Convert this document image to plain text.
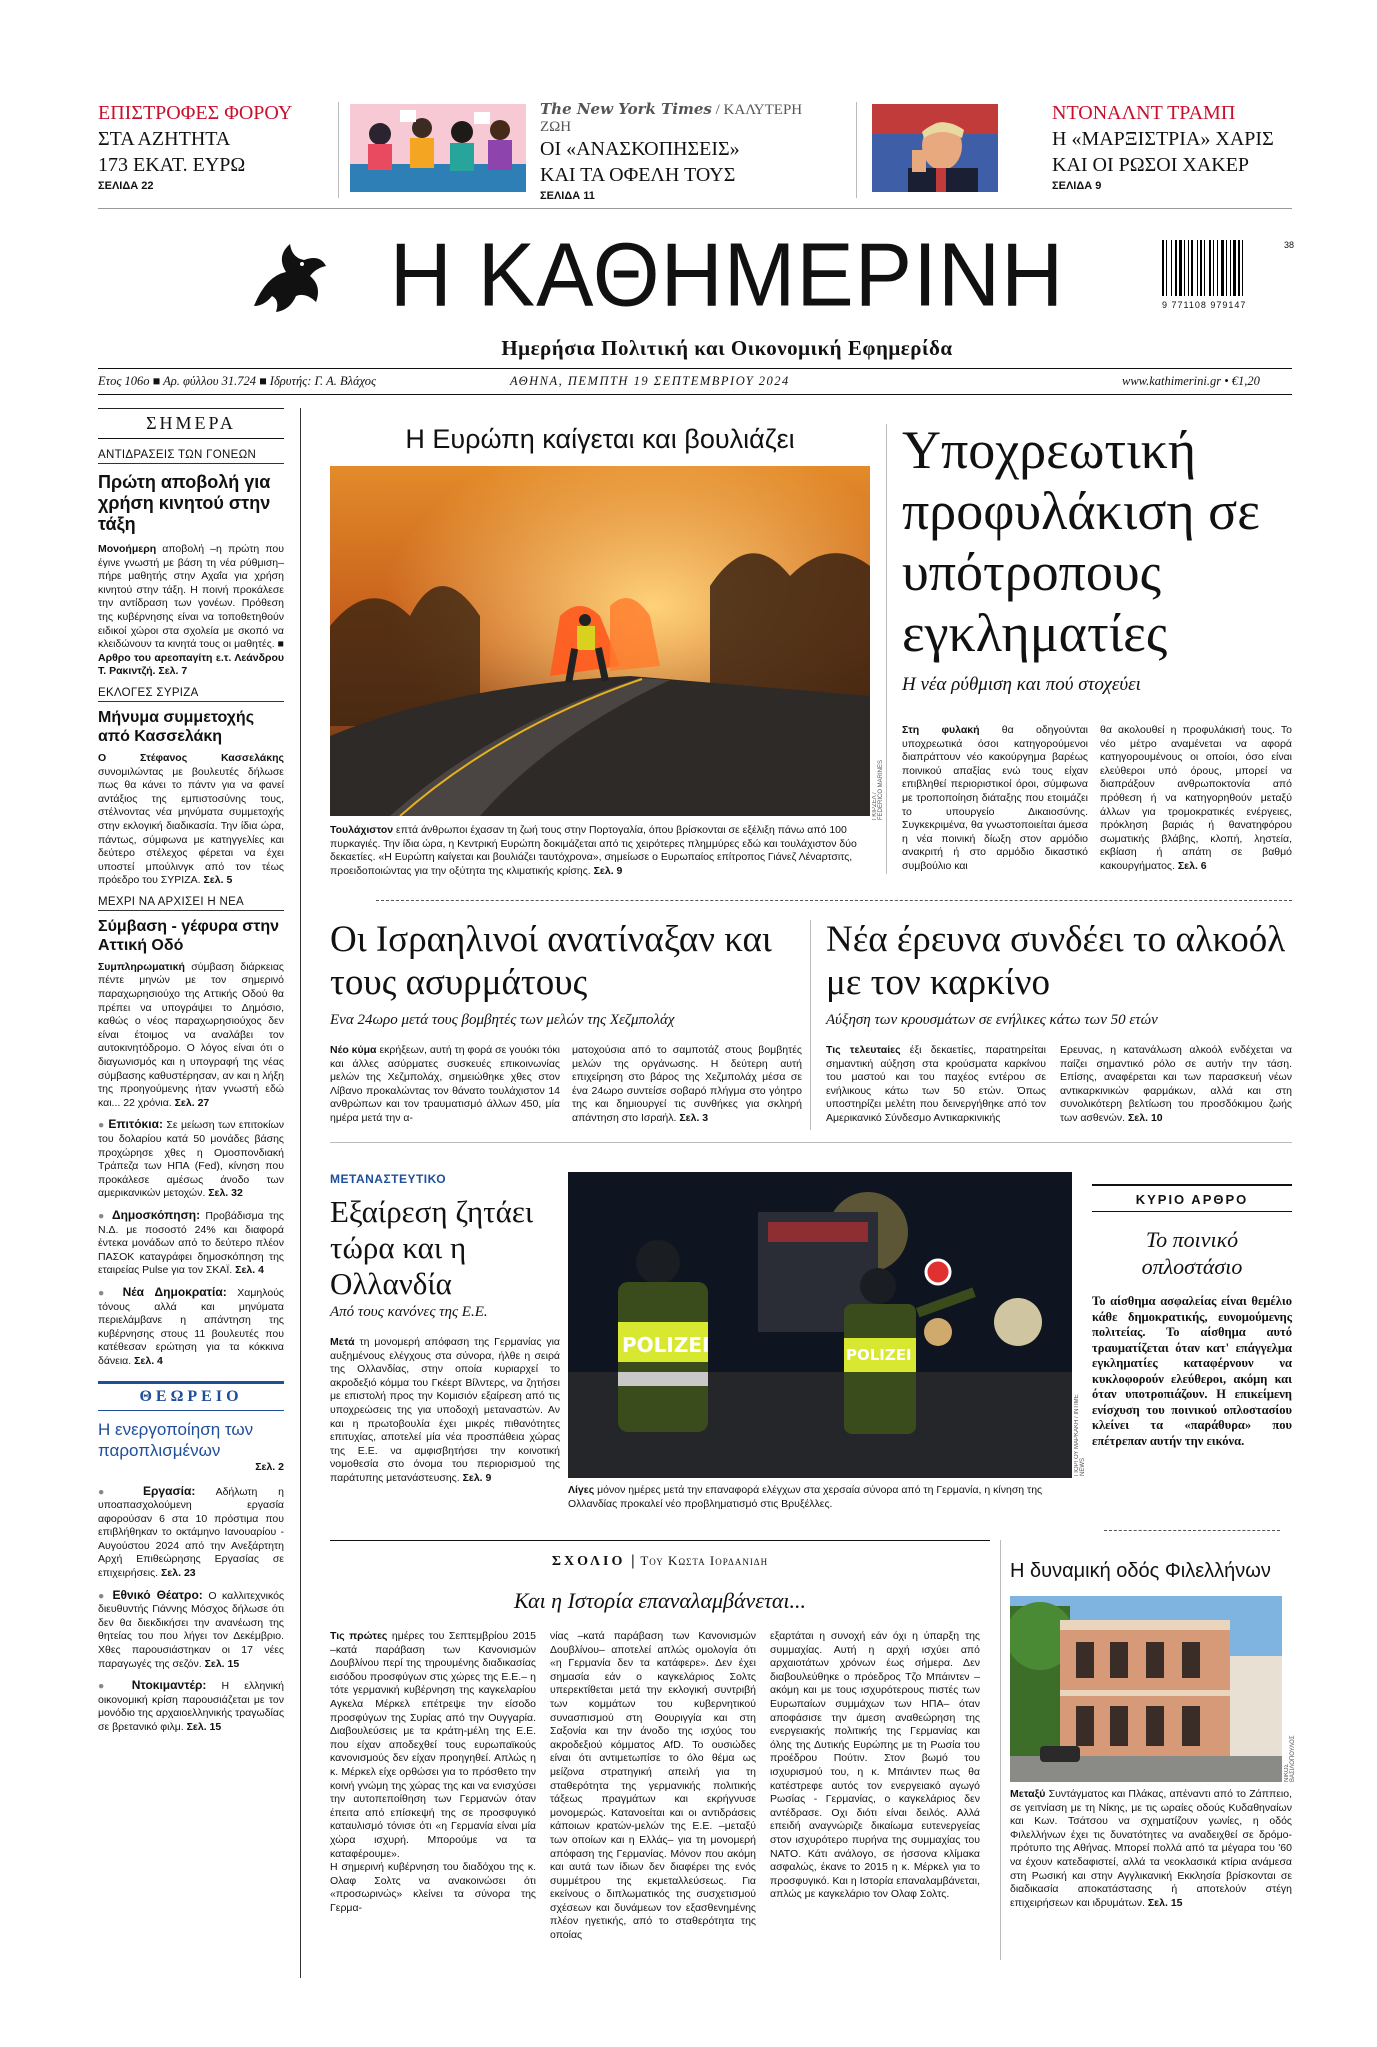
ΕΠΙΣΤΡΟΦΕΣ ΦΟΡΟΥ
ΣΤΑ ΑΖΗΤΗΤΑ
173 ΕΚΑΤ. ΕΥΡΩ
ΣΕΛΙΔΑ 22
The New York Times / ΚΑΛΥΤΕΡΗ ΖΩΗ
ΟΙ «ΑΝΑΣΚΟΠΗΣΕΙΣ»
ΚΑΙ ΤΑ ΟΦΕΛΗ ΤΟΥΣ
ΣΕΛΙΔΑ 11
ΝΤΟΝΑΛΝΤ ΤΡΑΜΠ
Η «ΜΑΡΞΙΣΤΡΙΑ» ΧΑΡΙΣ
ΚΑΙ ΟΙ ΡΩΣΟΙ ΧΑΚΕΡ
ΣΕΛΙΔΑ 9
Η ΚΑΘΗΜΕΡΙΝΗ	38
9 771108 979147
Ημερήσια Πολιτική και Οικονομική Εφημερίδα
Ετος 106ο ■ Αρ. φύλλου 31.724 ■ Ιδρυτής: Γ. Α. Βλάχος	ΑΘΗΝΑ, ΠΕΜΠΤΗ 19 ΣΕΠΤΕΜΒΡΙΟΥ 2024	www.kathimerini.gr • €1,20
ΣΗΜΕΡΑ
ΑΝΤΙΔΡΑΣΕΙΣ ΤΩΝ ΓΟΝΕΩΝ
Πρώτη αποβολή για χρήση κινητού στην τάξη
Μονοήμερη αποβολή –η πρώτη που έγινε γνωστή με βάση τη νέα ρύθμιση– πήρε μαθητής στην Αχαΐα για χρήση κινητού στην τάξη. Η ποινή προκάλεσε την αντίδραση των γονέων. Πρόθεση της κυβέρνησης είναι να τοποθετηθούν ειδικοί χώροι στα σχολεία με σκοπό να κλειδώνουν τα κινητά τους οι μαθητές. ■ Αρθρο του αρεοπαγίτη ε.τ. Λεάνδρου Τ. Ρακιντζή. Σελ. 7
ΕΚΛΟΓΕΣ ΣΥΡΙΖΑ
Μήνυμα συμμετοχής από Κασσελάκη
Ο Στέφανος Κασσελάκης συνομιλώντας με βουλευτές δήλωσε πως θα κάνει το πάντν για να φανεί αντάξιος της εμπιστοσύνης τους, στέλνοντας νέα μηνύματα συμμετοχής στην εκλογική διαδικασία. Την ίδια ώρα, πάντως, σύμφωνα με κατηγγελίες και δεύτερο στέλεχος φέρεται να έχει υποστεί μπούλινγκ από τον τέως πρόεδρο του ΣΥΡΙΖΑ. Σελ. 5
ΜΕΧΡΙ ΝΑ ΑΡΧΙΣΕΙ Η ΝΕΑ
Σύμβαση - γέφυρα στην Αττική Οδό
Συμπληρωματική σύμβαση διάρκειας πέντε μηνών με τον σημερινό παραχωρησιούχο της Αττικής Οδού θα πρέπει να υπογράψει το Δημόσιο, καθώς ο νέος παραχωρησιούχος δεν είναι έτοιμος να αναλάβει τον αυτοκινητόδρομο. Ο λόγος είναι ότι ο διαγωνισμός και η υπογραφή της νέας σύμβασης καθυστέρησαν, αν και η λήξη της προηγούμενης ήταν γνωστή εδώ και... 22 χρόνια. Σελ. 27
● Επιτόκια: Σε μείωση των επιτοκίων του δολαρίου κατά 50 μονάδες βάσης προχώρησε χθες η Ομοσπονδιακή Τράπεζα των ΗΠΑ (Fed), κίνηση που προκάλεσε αμέσως άνοδο των αμερικανικών μετοχών. Σελ. 32
● Δημοσκόπηση: Προβάδισμα της Ν.Δ. με ποσοστό 24% και διαφορά έντεκα μονάδων από το δεύτερο πλέον ΠΑΣΟΚ καταγράφει δημοσκόπηση της εταιρείας Pulse για τον ΣΚΑΪ. Σελ. 4
● Νέα Δημοκρατία: Χαμηλούς τόνους αλλά και μηνύματα περιελάμβανε η απάντηση της κυβέρνησης στους 11 βουλευτές που κατέθεσαν ερώτηση για τα κόκκινα δάνεια. Σελ. 4
ΘΕΩΡΕΙΟ
Η ενεργοποίηση των παροπλισμένων
Σελ. 2
● Εργασία: Αδήλωτη η υποαπασχολούμενη εργασία αφορούσαν 6 στα 10 πρόστιμα που επιβλήθηκαν το οκτάμηνο Ιανουαρίου - Αυγούστου 2024 από την Ανεξάρτητη Αρχή Επιθεώρησης Εργασίας σε επιχειρήσεις. Σελ. 23
● Εθνικό Θέατρο: Ο καλλιτεχνικός διευθυντής Γιάννης Μόσχος δήλωσε ότι δεν θα διεκδικήσει την ανανέωση της θητείας του που λήγει τον Δεκέμβριο. Χθες παρουσιάστηκαν οι 17 νέες παραγωγές της σεζόν. Σελ. 15
● Ντοκιμαντέρ: Η ελληνική οικονομική κρίση παρουσιάζεται με τον μονόδιο της αρχαιοελληνικής τραγωδίας σε βρετανικό φιλμ. Σελ. 15
Η Ευρώπη καίγεται και βουλιάζει
ΓΚΙΡΖΕΛ / FEDERICO MARINES
Τουλάχιστον επτά άνθρωποι έχασαν τη ζωή τους στην Πορτογαλία, όπου βρίσκονται σε εξέλιξη πάνω από 100 πυρκαγιές. Την ίδια ώρα, η Κεντρική Ευρώπη δοκιμάζεται από τις χειρότερες πλημμύρες εδώ και τουλάχιστον δύο δεκαετίες. «Η Ευρώπη καίγεται και βουλιάζει ταυτόχρονα», σημείωσε ο Ευρωπαίος επίτροπος Γιάνεζ Λέναρτσιτς, προειδοποιώντας για την οξύτητα της κλιματικής κρίσης. Σελ. 9
Υποχρεωτική προφυλάκιση σε υπότροπους εγκληματίες
Η νέα ρύθμιση και πού στοχεύει
Στη φυλακή θα οδηγούνται υποχρεωτικά όσοι κατηγορούμενοι διαπράττουν νέο κακούργημα βαρέως ποινικού απαξίας ενώ τους είχαν επιβληθεί περιοριστικοί όροι, σύμφωνα με τροποποίηση διάταξης που ετοιμάζει το υπουργείο Δικαιοσύνης. Συγκεκριμένα, θα γνωστοποιείται άμεσα η νέα ποινική δίωξη στον αρμόδιο ανακριτή ή στο αρμόδιο δικαστικό συμβούλιο και
θα ακολουθεί η προφυλάκισή τους. Το νέο μέτρο αναμένεται να αφορά κατηγορουμένους οι οποίοι, όσο είναι ελεύθεροι υπό όρους, μπορεί να διαπράξουν ανθρωποκτονία από πρόθεση ή να κατηγορηθούν μεταξύ άλλων για τρομοκρατικές ενέργειες, πρόκληση βαριάς ή θανατηφόρου σωματικής βλάβης, κλοπή, ληστεία, εκβίαση ή απάτη σε βαθμό κακουργήματος. Σελ. 6
Οι Ισραηλινοί ανατίναξαν και τους ασυρμάτους
Ενα 24ωρο μετά τους βομβητές των μελών της Χεζμπολάχ
Νέο κύμα εκρήξεων, αυτή τη φορά σε γουόκι τόκι και άλλες ασύρματες συσκευές επικοινωνίας μελών της Χεζμπολάχ, σημειώθηκε χθες στον Λίβανο προκαλώντας τον θάνατο τουλάχιστον 14 ανθρώπων και τον τραυματισμό άλλων 450, μία ημέρα μετά την α-
ματοχούσια από το σαμποτάζ στους βομβητές μελών της οργάνωσης. Η δεύτερη αυτή επιχείρηση στο βάρος της Χεζμπολάχ μέσα σε ένα 24ωρο συντείσε σοβαρό πλήγμα στο γόητρο της και δημιουργεί τις συνθήκες για σκληρή απάντηση στο Ισραήλ. Σελ. 3
Νέα έρευνα συνδέει το αλκοόλ με τον καρκίνο
Αύξηση των κρουσμάτων σε ενήλικες κάτω των 50 ετών
Τις τελευταίες έξι δεκαετίες, παρατηρείται σημαντική αύξηση στα κρούσματα καρκίνου του μαστού και του παχέος εντέρου σε ενήλικους κάτω των 50 ετών. Όπως υποστηρίζει μελέτη που δεινεργήθηκε από τον Αμερικανικό Σύνδεσμο Αντικαρκινικής
Ερευνας, η κατανάλωση αλκοόλ ενδέχεται να παίζει σημαντικό ρόλο σε αυτήν την τάση. Επίσης, αναφέρεται και των παρασκευή νέων αντικαρκινικών φαρμάκων, αλλά και στη συνολικότερη βελτίωση του προσδόκιμου ζωής των ασθενών. Σελ. 10
ΜΕΤΑΝΑΣΤΕΥΤΙΚΟ
Εξαίρεση ζητάει τώρα και η Ολλανδία
Από τους κανόνες της Ε.Ε.
Μετά τη μονομερή απόφαση της Γερμανίας για αυξημένους ελέγχους στα σύνορα, ήλθε η σειρά της Ολλανδίας, στην οποία κυριαρχεί το ακροδεξιό κόμμα του Γκέερτ Βίλντερς, να ζητήσει με επιστολή προς την Κομισιόν εξαίρεση από τις υποχρεώσεις της για υποδοχή μεταναστών. Αν και η πρωτοβουλία έχει μικρές πιθανότητες επιτυχίας, αποτελεί μία νέα προσπάθεια χώρας της Ε.Ε. να αμφισβητήσει την κοινοτική νομοθεσία στο όνομα του περιορισμού της παράτυπης μετανάστευσης. Σελ. 9
POLIZEI	POLIZEI
ΓΙΟΡΓΟΥ ΜΑΡΚΑΚΗ / INTIME NEWS
Λίγες μόνον ημέρες μετά την επαναφορά ελέγχων στα χερσαία σύνορα από τη Γερμανία, η κίνηση της Ολλανδίας προκαλεί νέο προβληματισμό στις Βρυξέλλες.
ΚΥΡΙΟ ΑΡΘΡΟ
Το ποινικό οπλοστάσιο
Το αίσθημα ασφαλείας είναι θεμέλιο κάθε δημοκρατικής, ευνομούμενης πολιτείας. Το αίσθημα αυτό τραυματίζεται όταν κατ' επάγγελμα εγκληματίες καταφέρνουν να κυκλοφορούν ελεύθεροι, ακόμη και όταν υποτροπιάζουν. Η επικείμενη ενίσχυση του ποινικού οπλοστασίου κλείνει τα «παράθυρα» που επέτρεπαν αυτήν την εικόνα.
ΣΧΟΛΙΟ | Του Κωστα Ιορδανιδη
Και η Ιστορία επαναλαμβάνεται...
Τις πρώτες ημέρες του Σεπτεμβρίου 2015 –κατά παράβαση των Κανονισμών Δουβλίνου περί της τηρουμένης διαδικασίας εισόδου προσφύγων στις χώρες της Ε.Ε.– η τότε γερμανική κυβέρνηση της καγκελαρίου Αγκελα Μέρκελ επέτρεψε την είσοδο προσφύγων της Συρίας από την Ουγγαρία. Διαβουλεύσεις με τα κράτη-μέλη της Ε.Ε. που είχαν αποδεχθεί τους ευρωπαϊκούς κανονισμούς δεν είχαν προηγηθεί. Απλώς η κ. Μέρκελ είχε ορθώσει για το πρόσθετο την κοινή γνώμη της χώρας της και να ενισχύσει την αυτοπεποίθηση των Γερμανών όταν έπειτα από επίσκεψή της σε προσφυγικό καταυλισμό τόνισε ότι «η Γερμανία είναι μία χώρα ισχυρή. Μπορούμε να τα καταφέρουμε».
Η σημερινή κυβέρνηση του διαδόχου της κ. Ολαφ Σολτς να ανακοινώσει ότι «προσωρινώς» κλείνει τα σύνορα της Γερμα-
νίας –κατά παράβαση των Κανονισμών Δουβλίνου– αποτελεί απλώς ομολογία ότι «η Γερμανία δεν τα κατάφερε». Δεν έχει σημασία εάν ο καγκελάριος Σολτς υπερεκτίθεται μετά την εκλογική συντριβή των κομμάτων του κυβερνητικού συνασπισμού στη Θουριγγία και στη Σαξονία και την άνοδο της ισχύος του ακροδεξιού κόμματος AfD. Το ουσιώδες είναι ότι αντιμετωπίσε το όλο θέμα ως μείζονα στρατηγική απειλή για τη σταθερότητα της γερμανικής πολιτικής τάξεως πραγμάτων και εκρήγνυσε μονομερώς. Κατανοείται και οι αντιδράσεις κάποιων κρατών-μελών της Ε.Ε. –μεταξύ των οποίων και η Ελλάς– για τη μονομερή απόφαση της Γερμανίας. Μόνον που ακόμη και αυτά των ίδιων δεν διαφέρει της ενός συμμέτρου της εκμεταλλεύσεως. Για εκείνους ο διπλωματικός της συσχετισμού σχέσεων και δυνάμεων τον εξασθενημένης πλέον ηγετικής, από το σταθερότητα της οποίας
εξαρτάται η συνοχή εάν όχι η ύπαρξη της συμμαχίας. Αυτή η αρχή ισχύει από αρχαιοτάτων χρόνων έως σήμερα. Δεν διαβουλεύθηκε ο πρόεδρος Τζο Μπάιντεν –ακόμη και με τους ισχυρότερους πιστές των Ευρωπαίων συμμάχων των ΗΠΑ– όταν αποφάσισε την άμεση αναθεώρηση της ενεργειακής πολιτικής της Γερμανίας και όλης της Δυτικής Ευρώπης με τη Ρωσία του προέδρου Πούτιν. Στον βωμό του ισχυρισμού του, η κ. Μπάιντεν πως θα κατέστρεφε αυτός τον ενεργειακό αγωγό Ρωσίας - Γερμανίας, ο καγκελάριος δεν αντέδρασε. Οχι διότι είναι δειλός. Αλλά επειδή αναγνώριζε δικαίωμα ευτενεργείας στον ισχυρότερο πυρήνα της συμμαχίας του ΝΑΤΟ. Κάτι ανάλογο, σε ήσσονα κλίμακα ασφαλώς, έκανε το 2015 η κ. Μέρκελ για το προσφυγικό. Και η Ιστορία επαναλαμβάνεται, απλώς με καγκελάριο τον Ολαφ Σολτς.
Η δυναμική οδός Φιλελλήνων
ΝΙΚΟΣ ΒΑΣΙΛΟΠΟΥΛΟΣ
Μεταξύ Συντάγματος και Πλάκας, απέναντι από το Ζάππειο, σε γειτνίαση με τη Νίκης, με τις ωραίες οδούς Κυδαθηναίων και Κων. Τσάτσου να σχηματίζουν γωνίες, η οδός Φιλελλήνων έχει τις δυνατότητες να αναδειχθεί σε δρόμο-πρότυπο της Αθήνας. Μπορεί πολλά από τα μέγαρα του '60 να έχουν κατεδαφιστεί, αλλά τα νεοκλασικά κτίρια ανάμεσα στη Ρωσική και στην Αγγλικανική Εκκλησία βρίσκονται σε διαδικασία αποκατάστασης ή αποτελούν στέγη επιχειρήσεων και ιδρυμάτων. Σελ. 15
